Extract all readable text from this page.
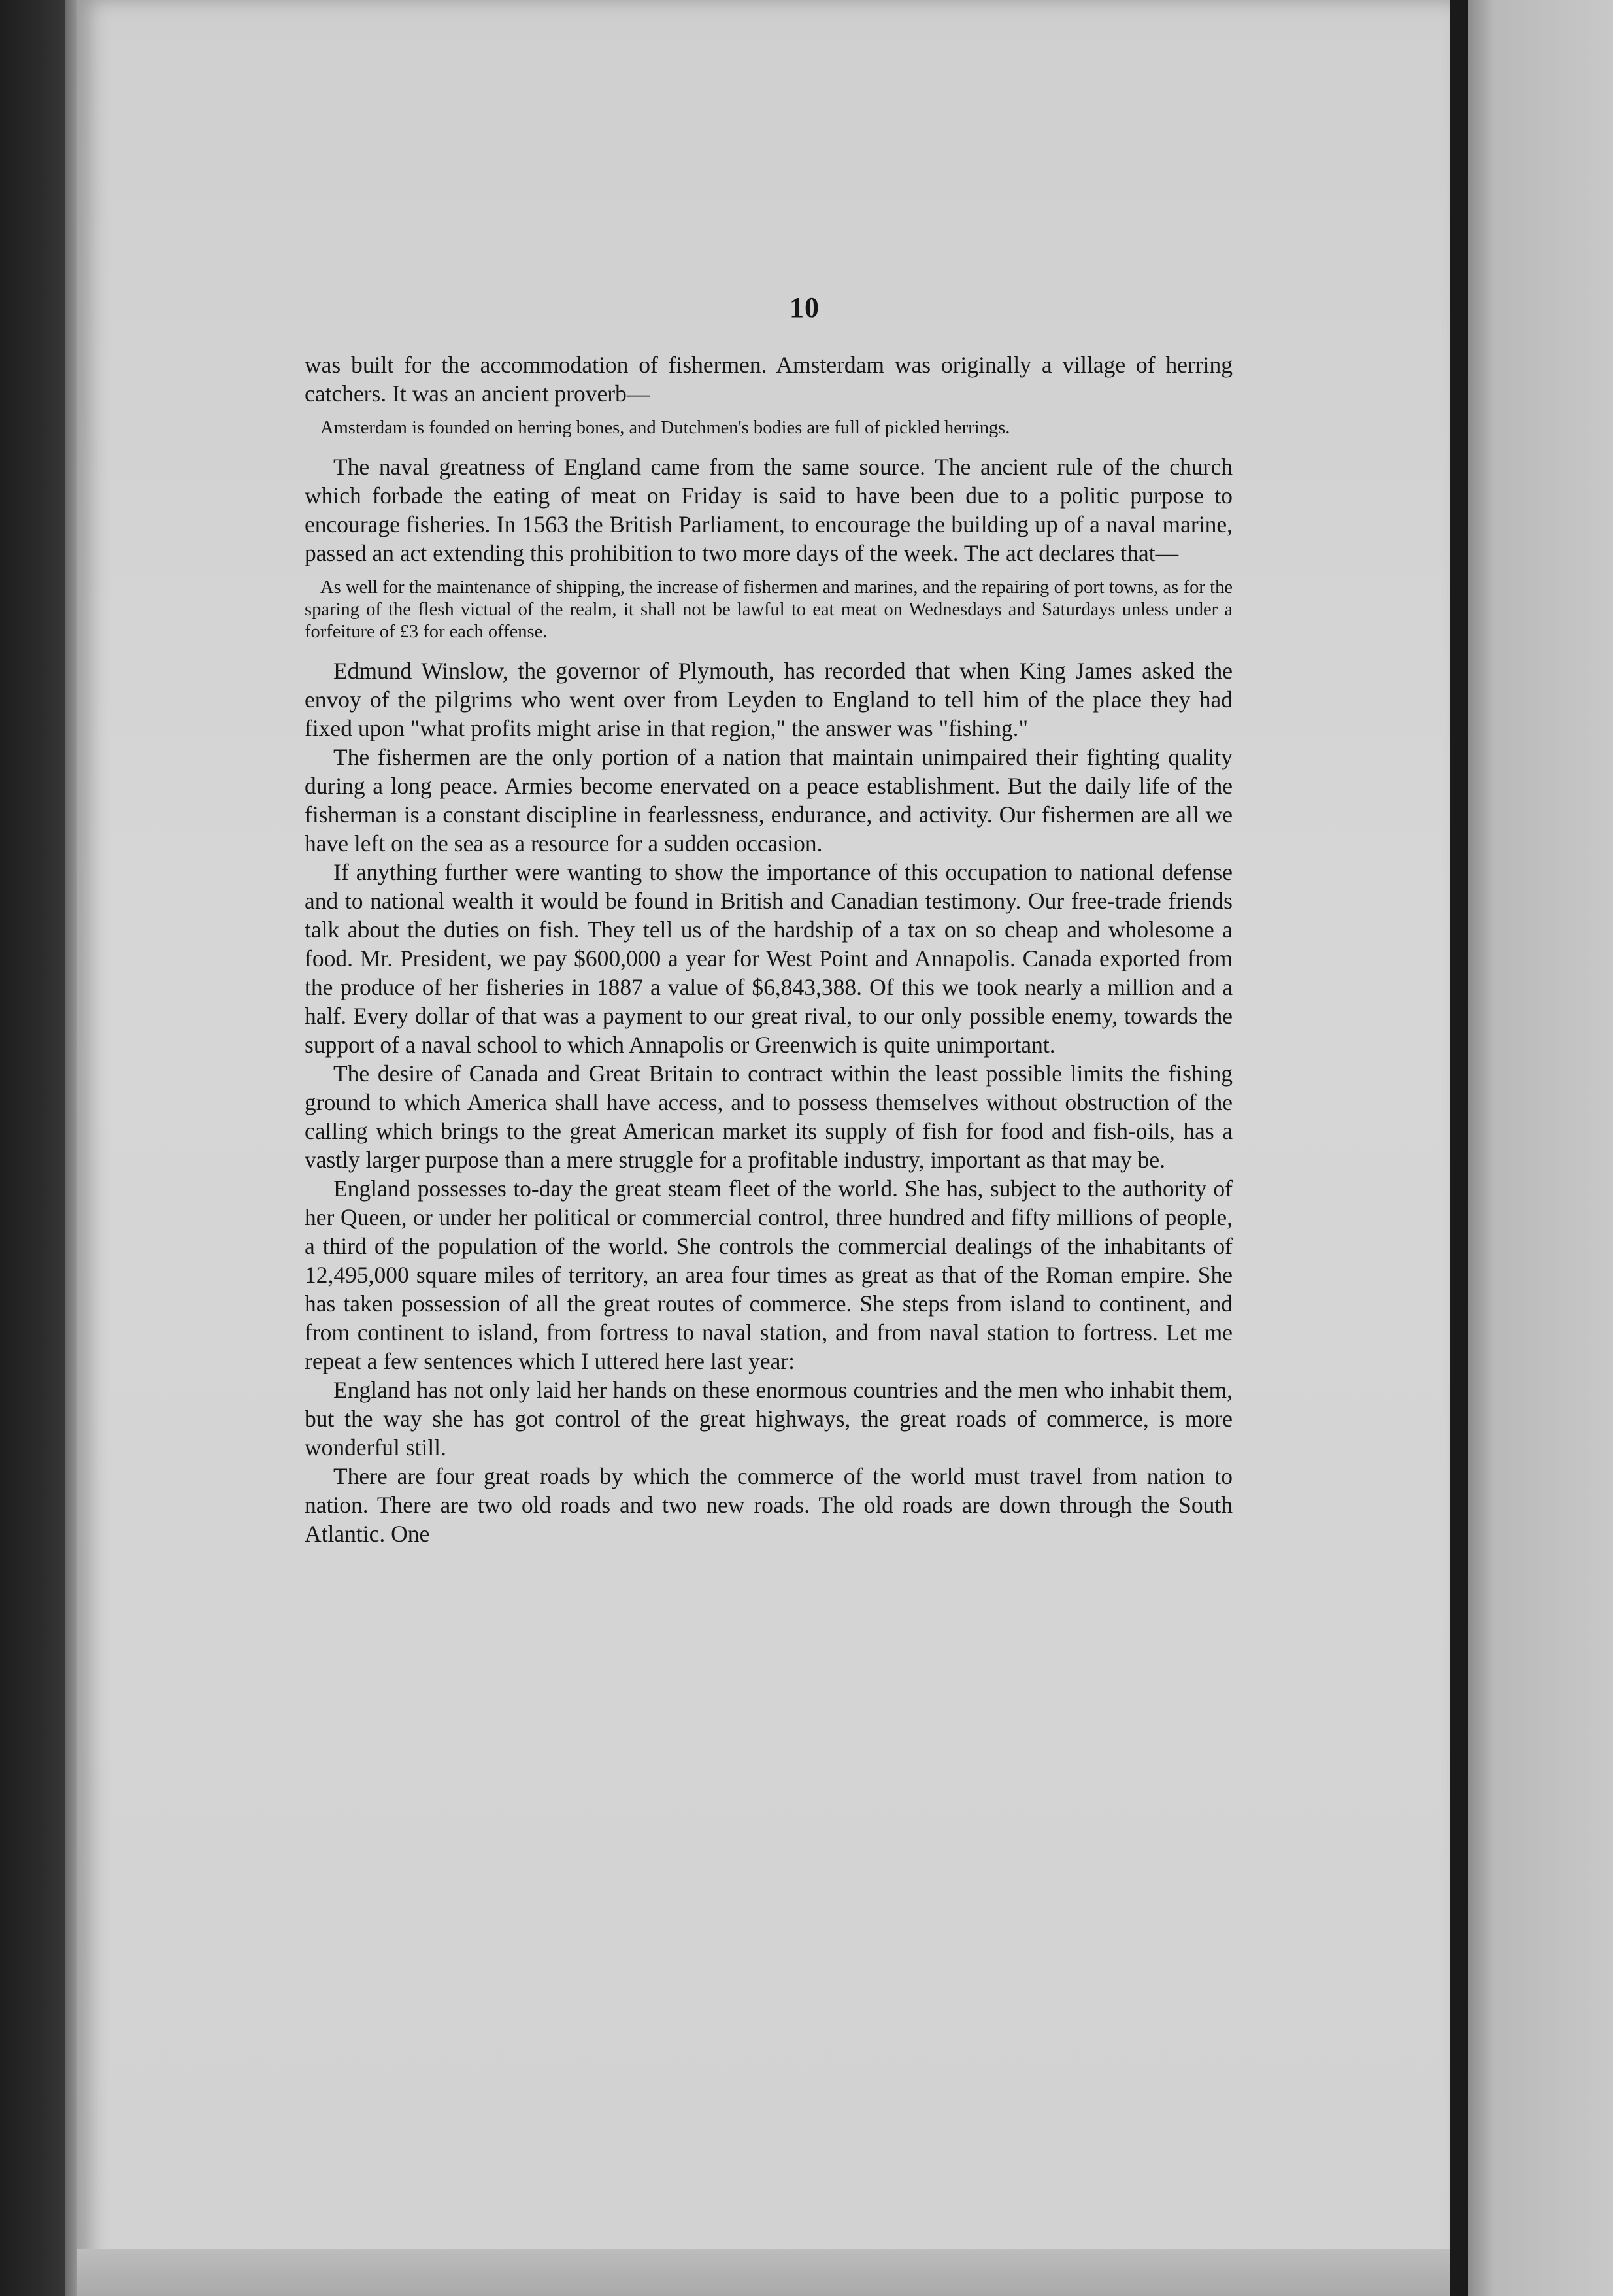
10

was built for the accommodation of fishermen. Amsterdam was originally a village of herring catchers. It was an ancient proverb—

Amsterdam is founded on herring bones, and Dutchmen's bodies are full of pickled herrings.

The naval greatness of England came from the same source. The ancient rule of the church which forbade the eating of meat on Friday is said to have been due to a politic purpose to encourage fisheries. In 1563 the British Parliament, to encourage the building up of a naval marine, passed an act extending this prohibition to two more days of the week. The act declares that—

As well for the maintenance of shipping, the increase of fishermen and marines, and the repairing of port towns, as for the sparing of the flesh victual of the realm, it shall not be lawful to eat meat on Wednesdays and Saturdays unless under a forfeiture of £3 for each offense.

Edmund Winslow, the governor of Plymouth, has recorded that when King James asked the envoy of the pilgrims who went over from Leyden to England to tell him of the place they had fixed upon "what profits might arise in that region," the answer was "fishing."

The fishermen are the only portion of a nation that maintain unimpaired their fighting quality during a long peace. Armies become enervated on a peace establishment. But the daily life of the fisherman is a constant discipline in fearlessness, endurance, and activity. Our fishermen are all we have left on the sea as a resource for a sudden occasion.

If anything further were wanting to show the importance of this occupation to national defense and to national wealth it would be found in British and Canadian testimony. Our free-trade friends talk about the duties on fish. They tell us of the hardship of a tax on so cheap and wholesome a food. Mr. President, we pay $600,000 a year for West Point and Annapolis. Canada exported from the produce of her fisheries in 1887 a value of $6,843,388. Of this we took nearly a million and a half. Every dollar of that was a payment to our great rival, to our only possible enemy, towards the support of a naval school to which Annapolis or Greenwich is quite unimportant.

The desire of Canada and Great Britain to contract within the least possible limits the fishing ground to which America shall have access, and to possess themselves without obstruction of the calling which brings to the great American market its supply of fish for food and fish-oils, has a vastly larger purpose than a mere struggle for a profitable industry, important as that may be.

England possesses to-day the great steam fleet of the world. She has, subject to the authority of her Queen, or under her political or commercial control, three hundred and fifty millions of people, a third of the population of the world. She controls the commercial dealings of the inhabitants of 12,495,000 square miles of territory, an area four times as great as that of the Roman empire. She has taken possession of all the great routes of commerce. She steps from island to continent, and from continent to island, from fortress to naval station, and from naval station to fortress. Let me repeat a few sentences which I uttered here last year:

England has not only laid her hands on these enormous countries and the men who inhabit them, but the way she has got control of the great highways, the great roads of commerce, is more wonderful still.

There are four great roads by which the commerce of the world must travel from nation to nation. There are two old roads and two new roads. The old roads are down through the South Atlantic. One
